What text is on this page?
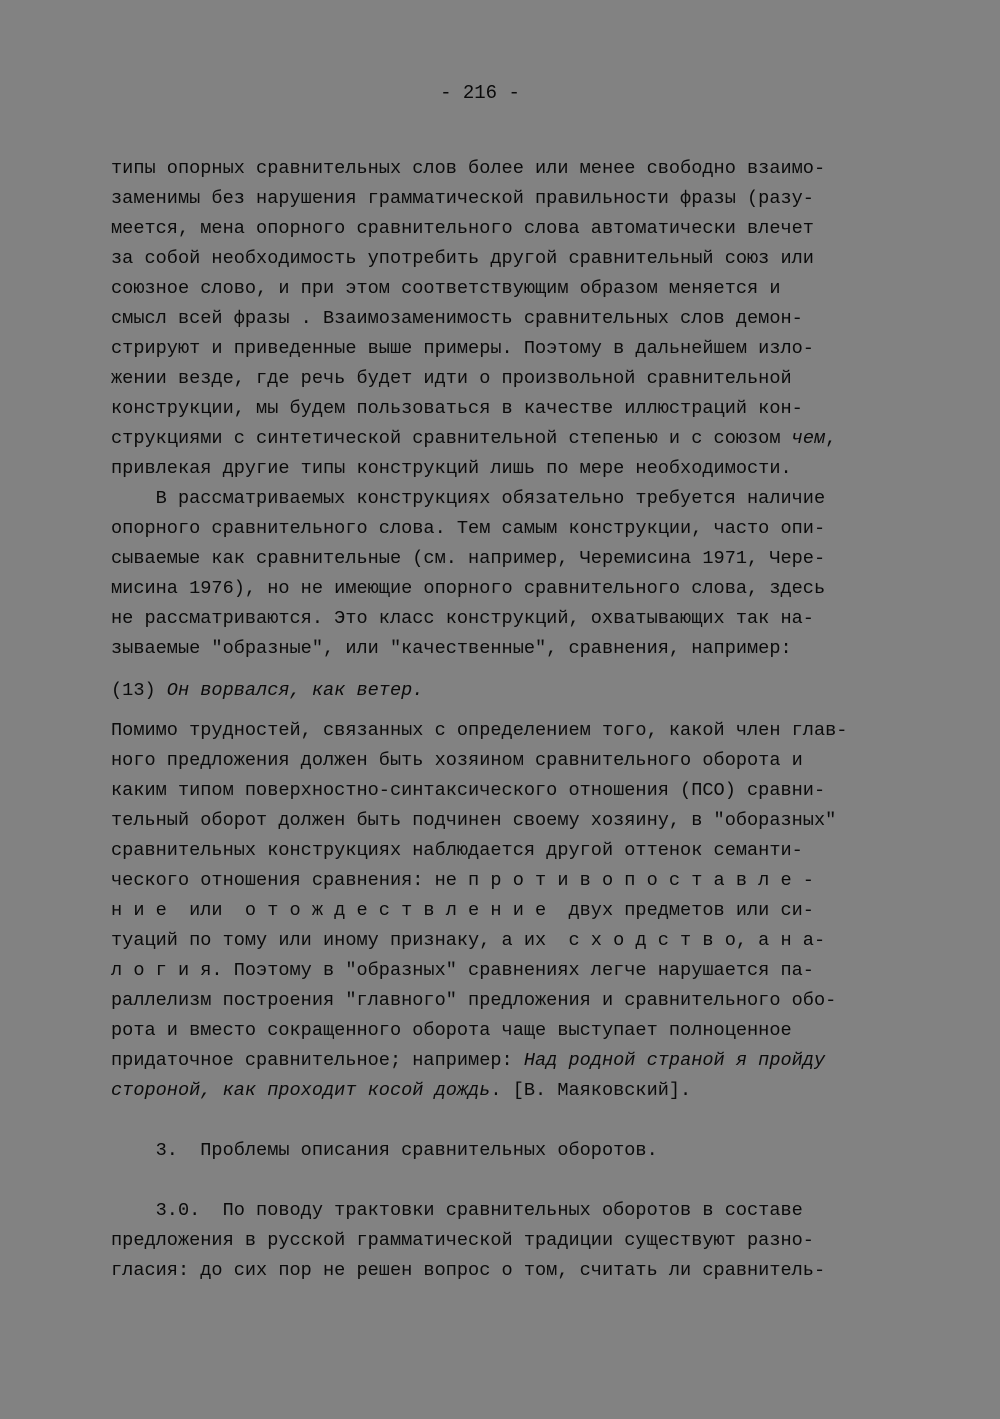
- 216 -

типы опорных сравнительных слов более или менее свободно взаимо-

заменимы без нарушения грамматической правильности фразы (разу-

меется, мена опорного сравнительного слова автоматически влечет

за собой необходимость употребить другой сравнительный союз или

союзное слово, и при этом соответствующим образом меняется и

смысл всей фразы . Взаимозаменимость сравнительных слов демон-

стрируют и приведенные выше примеры. Поэтому в дальнейшем изло-

жении везде, где речь будет идти о произвольной сравнительной

конструкции, мы будем пользоваться в качестве иллюстраций кон-

струкциями с синтетической сравнительной степенью и с союзом чем,

привлекая другие типы конструкций лишь по мере необходимости.

В рассматриваемых конструкциях обязательно требуется наличие

опорного сравнительного слова. Тем самым конструкции, часто опи-

сываемые как сравнительные (см. например, Черемисина 1971, Чере-

мисина 1976), но не имеющие опорного сравнительного слова, здесь

не рассматриваются. Это класс конструкций, охватывающих так на-

зываемые "образные", или "качественные", сравнения, например:

(13) Он ворвался, как ветер.

Помимо трудностей, связанных с определением того, какой член глав-

ного предложения должен быть хозяином сравнительного оборота и

каким типом поверхностно-синтаксического отношения (ПСО) сравни-

тельный оборот должен быть подчинен своему хозяину, в "оборазных"

сравнительных конструкциях наблюдается другой оттенок семанти-

ческого отношения сравнения: не п р о т и в о п о с т а в л е -

н и е  или  о т о ж д е с т в л е н и е  двух предметов или си-

туаций по тому или иному признаку, а их  с х о д с т в о, а н а-

л о г и я. Поэтому в "образных" сравнениях легче нарушается па-

раллелизм построения "главного" предложения и сравнительного обо-

рота и вместо сокращенного оборота чаще выступает полноценное

придаточное сравнительное; например: Над родной страной я пройду

стороной, как проходит косой дождь. [В. Маяковский].

3.  Проблемы описания сравнительных оборотов.

3.0.  По поводу трактовки сравнительных оборотов в составе

предложения в русской грамматической традиции существуют разно-

гласия: до сих пор не решен вопрос о том, считать ли сравнитель-
